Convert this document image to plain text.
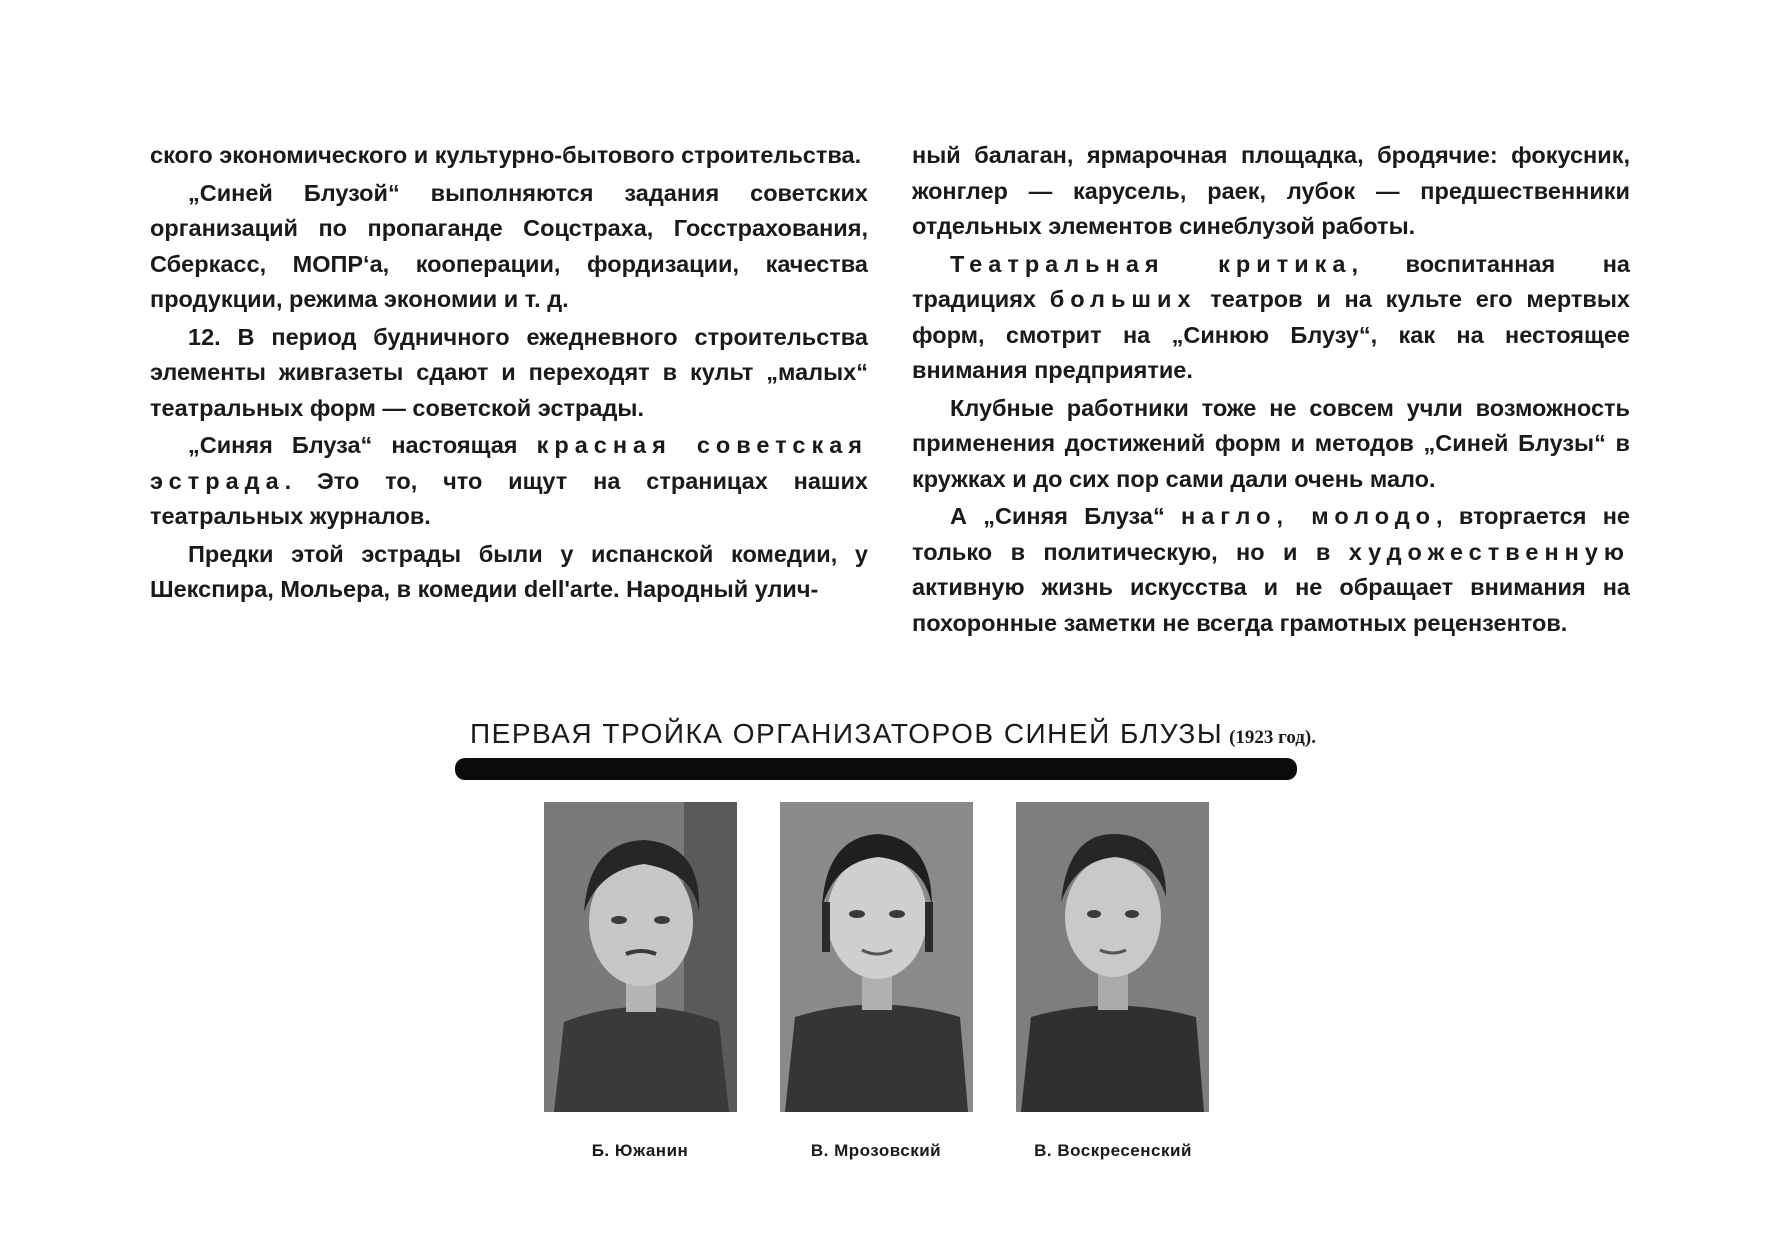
ского экономического и культурно-бытового строительства.

„Синей Блузой“ выполняются задания советских организаций по пропаганде Соцстраха, Госстрахования, Сберкасс, МОПР‘а, кооперации, фордизации, качества продукции, режима экономии и т. д.

12. В период будничного ежедневного строительства элементы живгазеты сдают и переходят в культ „малых“ театральных форм — советской эстрады.

„Синяя Блуза“ настоящая красная советская эстрада. Это то, что ищут на страницах наших театральных журналов.

Предки этой эстрады были у испанской комедии, у Шекспира, Мольера, в комедии dell'arte. Народный улич-

ный балаган, ярмарочная площадка, бродячие: фокусник, жонглер — карусель, раек, лубок — предшественники отдельных элементов синеблузой работы.

Театральная критика, воспитанная на традициях больших театров и на культе его мертвых форм, смотрит на „Синюю Блузу“, как на нестоящее внимания предприятие.

Клубные работники тоже не совсем учли возможность применения достижений форм и методов „Синей Блузы“ в кружках и до сих пор сами дали очень мало.

А „Синяя Блуза“ нагло, молодо, вторгается не только в политическую, но и в художественную активную жизнь искусства и не обращает внимания на похоронные заметки не всегда грамотных рецензентов.

ПЕРВАЯ ТРОЙКА ОРГАНИЗАТОРОВ СИНЕЙ БЛУЗЫ (1923 год).
Б. Южанин	В. Мрозовский	В. Воскресенский
